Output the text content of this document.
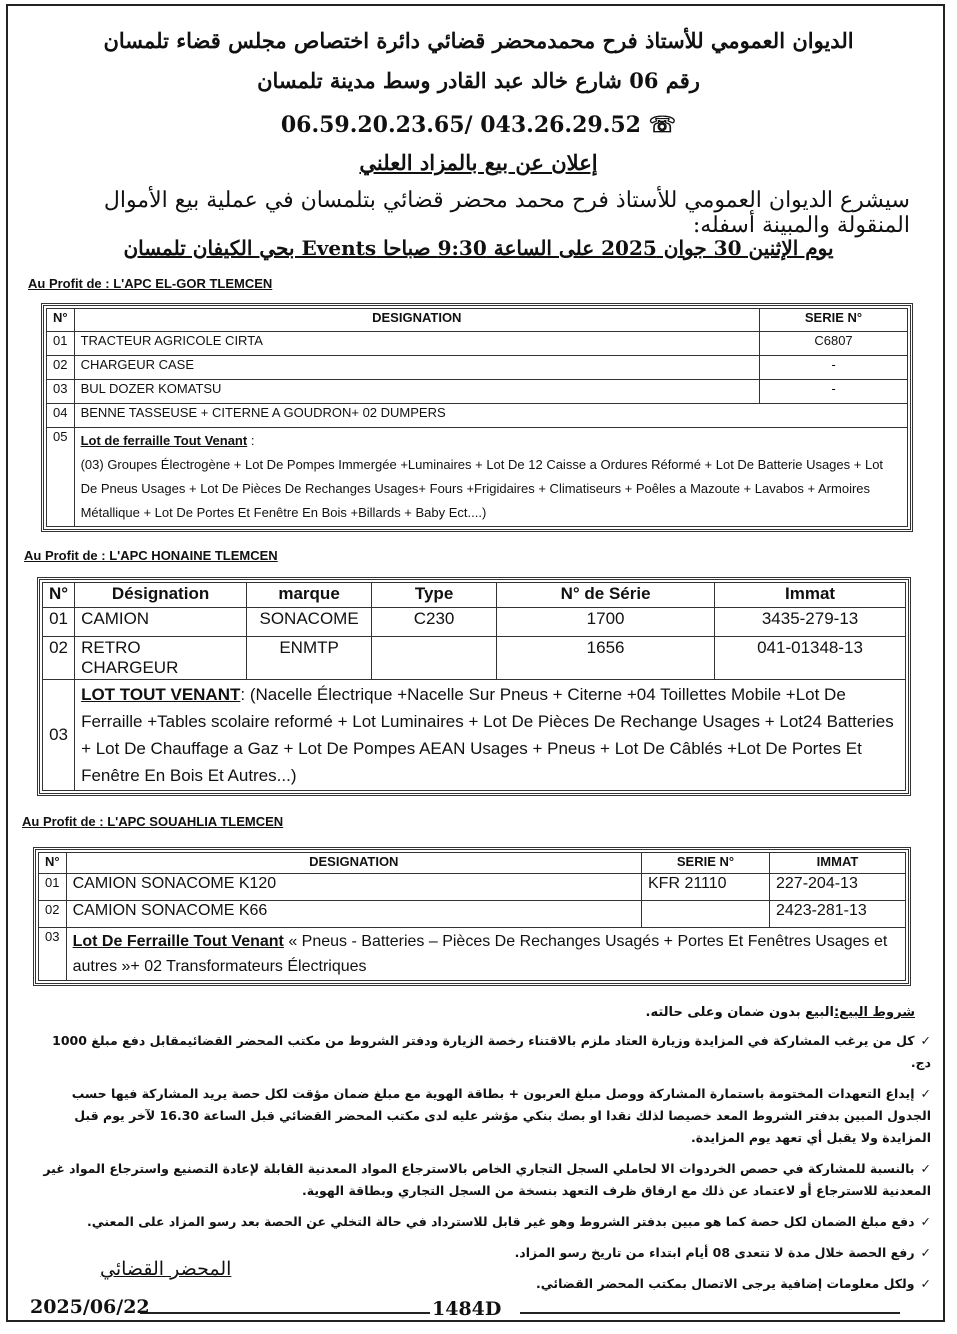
الديوان العمومي للأستاذ فرح محمدمحضر قضائي دائرة اختصاص مجلس قضاء تلمسان
رقم 06 شارع خالد عبد القادر وسط مدينة تلمسان
06.59.20.23.65/ 043.26.29.52 ☏
إعلان عن بيع بالمزاد العلني
سيشرع الديوان العمومي للأستاذ فرح محمد محضر قضائي بتلمسان في عملية بيع الأموال المنقولة والمبينة أسفله:
يوم الإثنين 30 جوان 2025 على الساعة 9:30 صباحا Events بحي الكيفان تلمسان
Au Profit de : L'APC EL-GOR TLEMCEN
N°	DESIGNATION	SERIE N°
01	TRACTEUR AGRICOLE CIRTA	C6807
02	CHARGEUR CASE	-
03	BUL DOZER KOMATSU	-
04	BENNE TASSEUSE + CITERNE A GOUDRON+ 02 DUMPERS	
05	Lot de ferraille Tout Venant :
(03) Groupes Électrogène + Lot De Pompes Immergée +Luminaires + Lot De 12 Caisse a Ordures Réformé + Lot De Batterie Usages + Lot De Pneus Usages + Lot De Pièces De Rechanges Usages+ Fours +Frigidaires + Climatiseurs + Poêles a Mazoute + Lavabos + Armoires Métallique + Lot De Portes Et Fenêtre En Bois +Billards + Baby Ect....)	
Au Profit de : L'APC HONAINE TLEMCEN
N°	Désignation	marque	Type	N° de Série	Immat
01	CAMION	SONACOME	C230	1700	3435-279-13
02	RETRO CHARGEUR	ENMTP		1656	041-01348-13
03	LOT TOUT VENANT: (Nacelle Électrique +Nacelle Sur Pneus + Citerne +04 Toillettes Mobile +Lot De Ferraille +Tables scolaire reformé + Lot Luminaires + Lot De Pièces De Rechange Usages + Lot24 Batteries + Lot De Chauffage a Gaz + Lot De Pompes AEAN Usages + Pneus + Lot De Câblés +Lot De Portes Et Fenêtre En Bois Et Autres...)				
Au Profit de : L'APC SOUAHLIA TLEMCEN
N°	DESIGNATION	SERIE N°	IMMAT
01	CAMION SONACOME K120	KFR 21110	227-204-13
02	CAMION SONACOME K66		2423-281-13
03	Lot De Ferraille Tout Venant « Pneus - Batteries – Pièces De Rechanges Usagés + Portes Et Fenêtres Usages et autres »+ 02 Transformateurs Électriques		
شروط البيع:البيع بدون ضمان وعلى حالته.
✓ كل من يرغب المشاركة في المزايدة وزيارة العتاد ملزم بالاقتناء رخصة الزيارة ودفتر الشروط من مكتب المحضر القضائيمقابل دفع مبلغ 1000 دج.
✓ إيداع التعهدات المختومة باستمارة المشاركة ووصل مبلغ العربون + بطاقة الهوية مع مبلغ ضمان مؤقت لكل حصة يريد المشاركة فيها حسب الجدول المبين بدفتر الشروط المعد خصيصا لذلك نقدا او بصك بنكي مؤشر عليه لدى مكتب المحضر القضائي قبل الساعة 16.30 لآخر يوم قبل المزايدة ولا يقبل أي تعهد يوم المزايدة.
✓ بالنسبة للمشاركة في حصص الخردوات الا لحاملي السجل التجاري الخاص بالاسترجاع المواد المعدنية القابلة لإعادة التصنيع واسترجاع المواد غير المعدنية للاسترجاع أو لاعتماد عن ذلك مع ارفاق ظرف التعهد بنسخة من السجل التجاري وبطاقة الهوية.
✓ دفع مبلغ الضمان لكل حصة كما هو مبين بدفتر الشروط وهو غير قابل للاسترداد في حالة التخلي عن الحصة بعد رسو المزاد على المعني.
✓ رفع الحصة خلال مدة لا تتعدى 08 أيام ابتداء من تاريخ رسو المزاد.
✓ ولكل معلومات إضافية يرجى الاتصال بمكتب المحضر القضائي.
المحضر القضائي
2025/06/22	1484D
